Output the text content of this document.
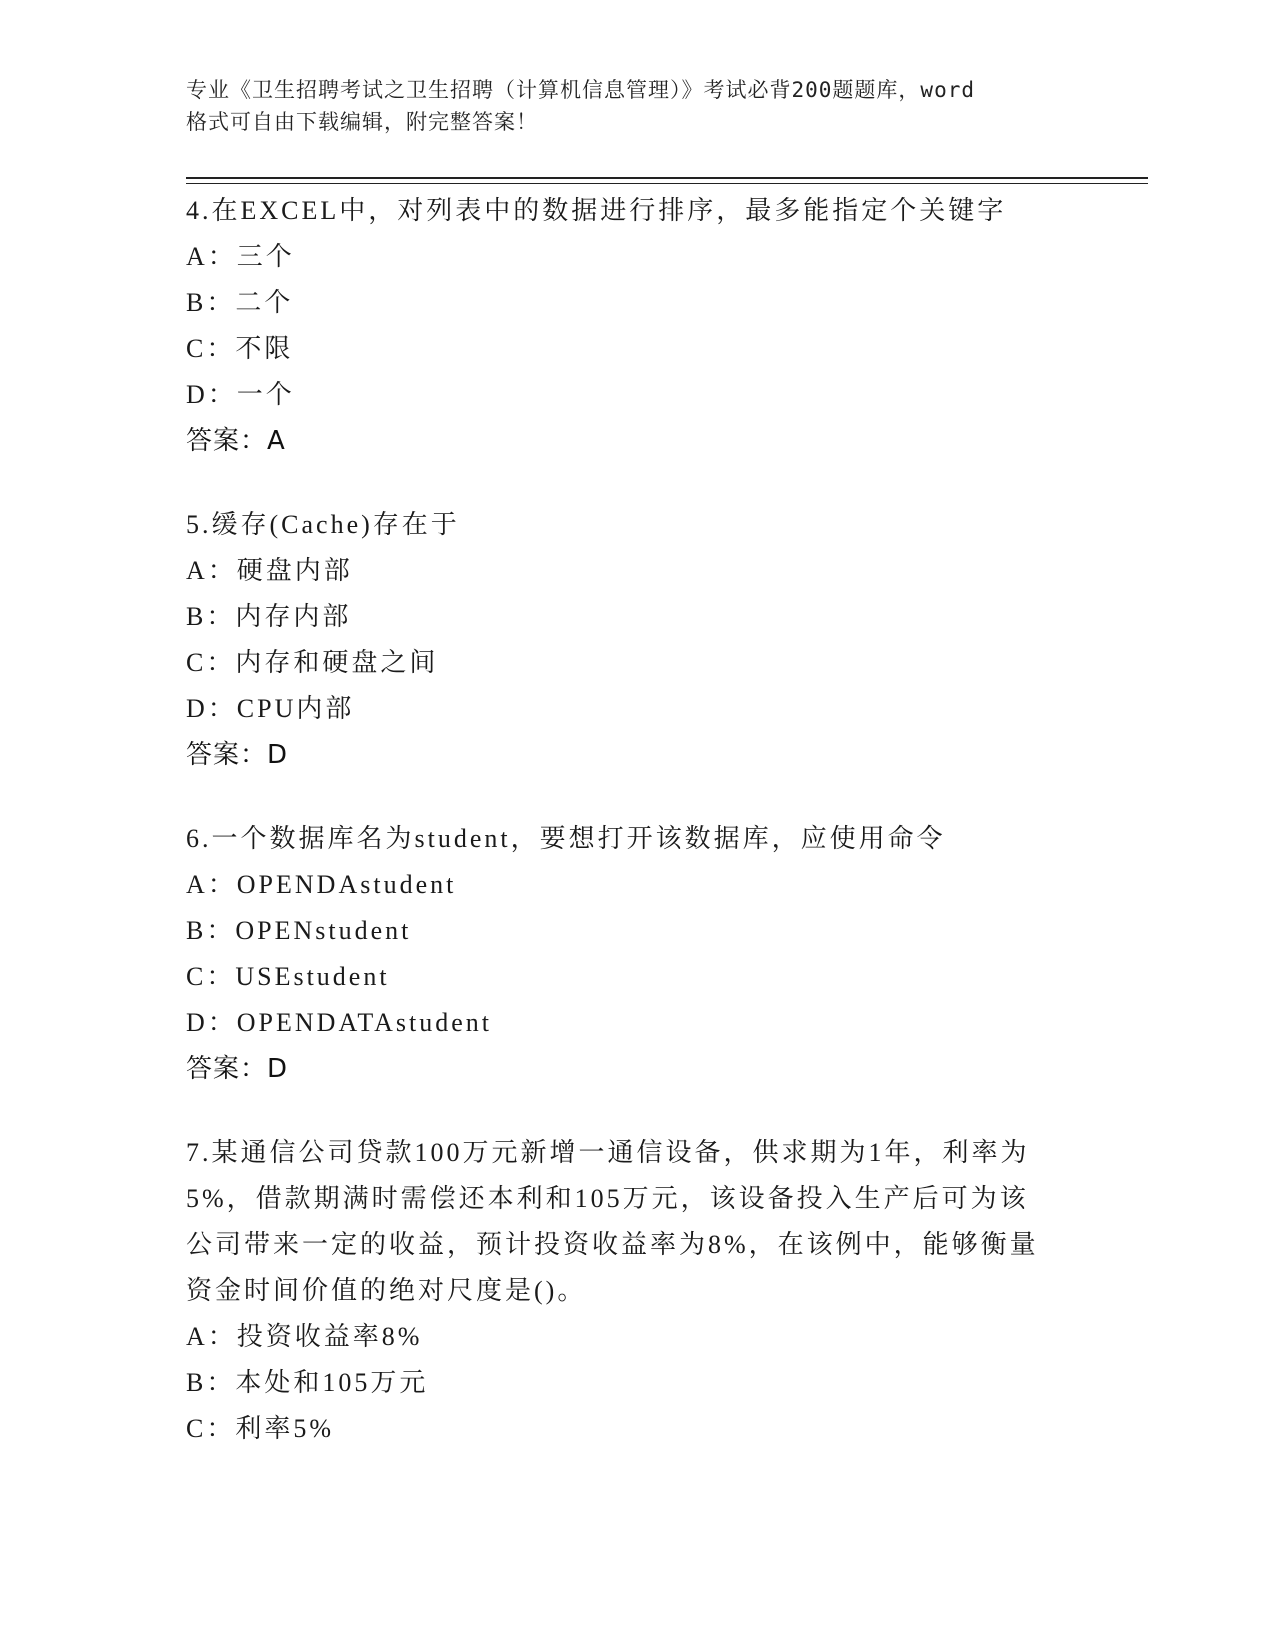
专业《卫生招聘考试之卫生招聘（计算机信息管理）》考试必背200题题库，word
格式可自由下载编辑，附完整答案！
4.在EXCEL中，对列表中的数据进行排序，最多能指定个关键字
A：三个
B：二个
C：不限
D：一个
答案：A
5.缓存(Cache)存在于
A：硬盘内部
B：内存内部
C：内存和硬盘之间
D：CPU内部
答案：D
6.一个数据库名为student，要想打开该数据库，应使用命令
A：OPENDAstudent
B：OPENstudent
C：USEstudent
D：OPENDATAstudent
答案：D
7.某通信公司贷款100万元新增一通信设备，供求期为1年，利率为5%，借款期满时需偿还本利和105万元，该设备投入生产后可为该公司带来一定的收益，预计投资收益率为8%，在该例中，能够衡量资金时间价值的绝对尺度是()。
A：投资收益率8%
B：本处和105万元
C：利率5%
